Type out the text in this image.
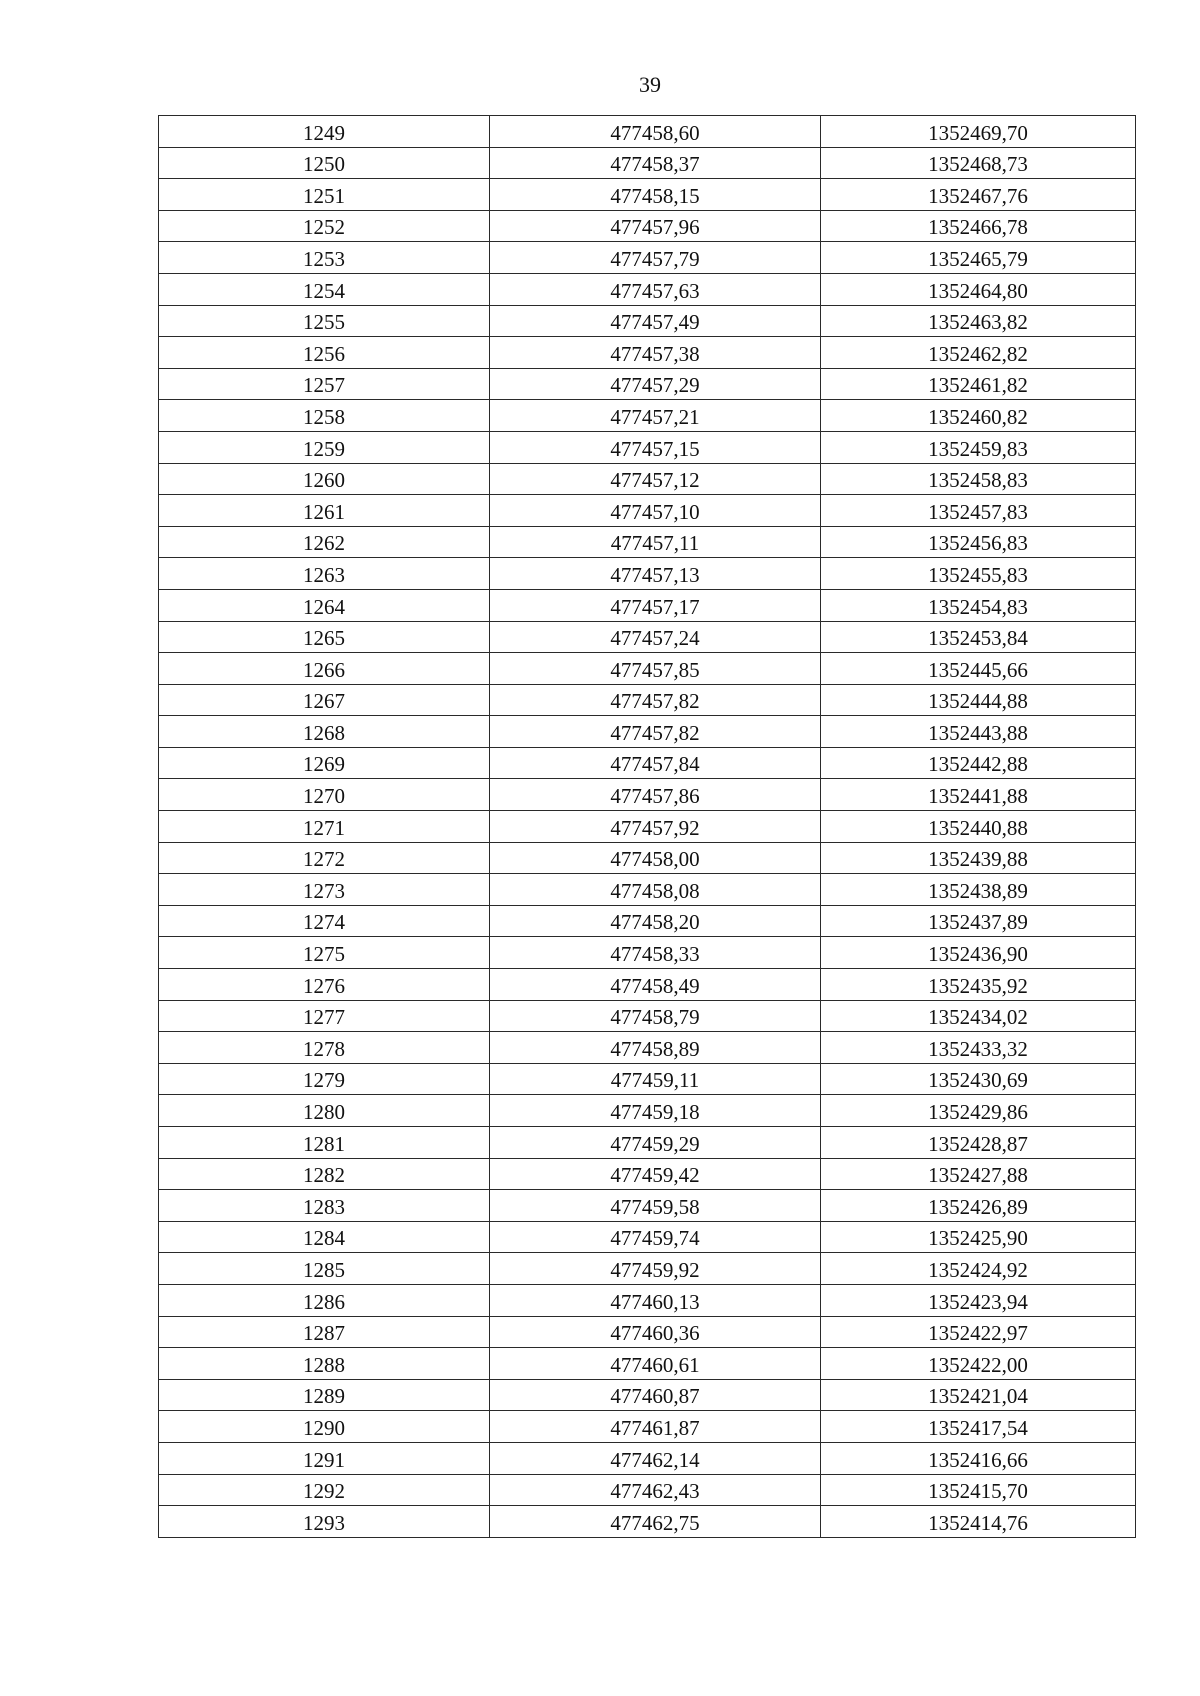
39
1249	477458,60	1352469,70
1250	477458,37	1352468,73
1251	477458,15	1352467,76
1252	477457,96	1352466,78
1253	477457,79	1352465,79
1254	477457,63	1352464,80
1255	477457,49	1352463,82
1256	477457,38	1352462,82
1257	477457,29	1352461,82
1258	477457,21	1352460,82
1259	477457,15	1352459,83
1260	477457,12	1352458,83
1261	477457,10	1352457,83
1262	477457,11	1352456,83
1263	477457,13	1352455,83
1264	477457,17	1352454,83
1265	477457,24	1352453,84
1266	477457,85	1352445,66
1267	477457,82	1352444,88
1268	477457,82	1352443,88
1269	477457,84	1352442,88
1270	477457,86	1352441,88
1271	477457,92	1352440,88
1272	477458,00	1352439,88
1273	477458,08	1352438,89
1274	477458,20	1352437,89
1275	477458,33	1352436,90
1276	477458,49	1352435,92
1277	477458,79	1352434,02
1278	477458,89	1352433,32
1279	477459,11	1352430,69
1280	477459,18	1352429,86
1281	477459,29	1352428,87
1282	477459,42	1352427,88
1283	477459,58	1352426,89
1284	477459,74	1352425,90
1285	477459,92	1352424,92
1286	477460,13	1352423,94
1287	477460,36	1352422,97
1288	477460,61	1352422,00
1289	477460,87	1352421,04
1290	477461,87	1352417,54
1291	477462,14	1352416,66
1292	477462,43	1352415,70
1293	477462,75	1352414,76
